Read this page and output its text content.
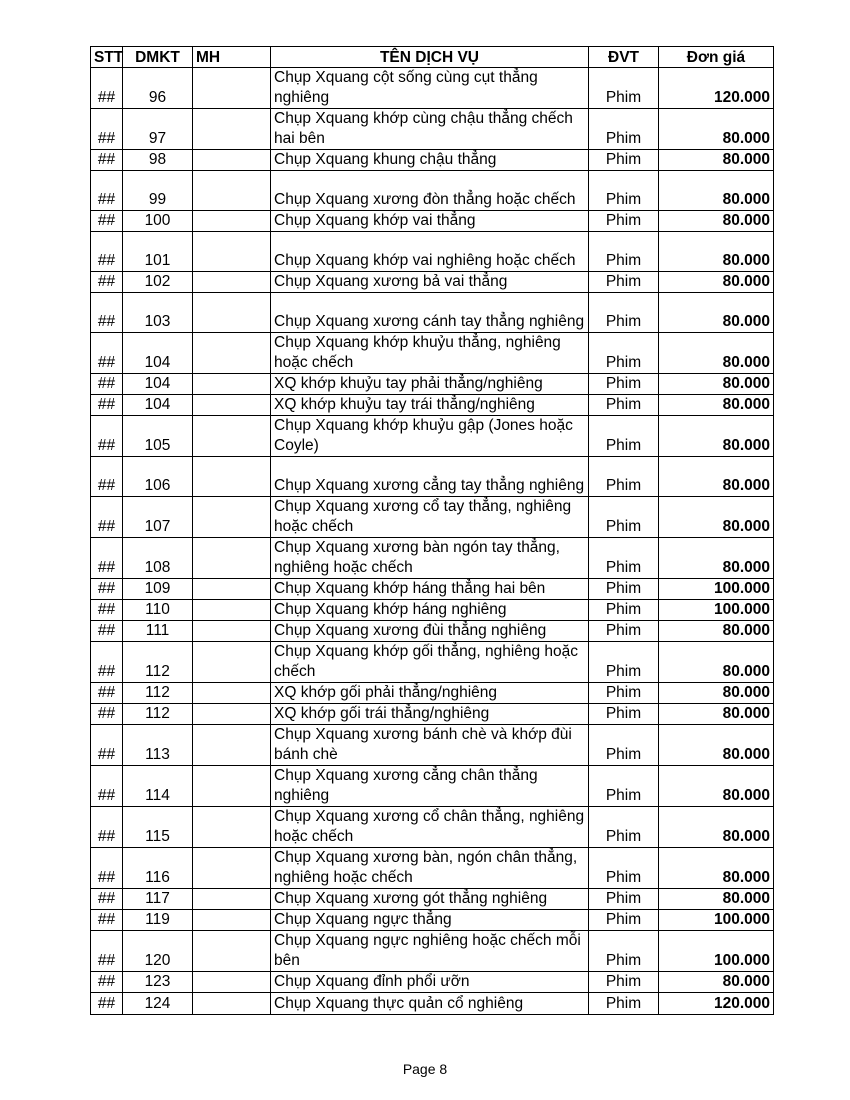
STT	DMKT	MH	TÊN DỊCH VỤ	ĐVT	Đơn giá
##	96		Chụp Xquang cột sống cùng cụt thẳng nghiêng	Phim	120.000
##	97		Chụp Xquang khớp cùng chậu thẳng chếch hai bên	Phim	80.000
##	98		Chụp Xquang khung chậu thẳng	Phim	80.000
##	99		Chụp Xquang xương đòn thẳng hoặc chếch	Phim	80.000
##	100		Chụp Xquang khớp vai thẳng	Phim	80.000
##	101		Chụp Xquang khớp vai nghiêng hoặc chếch	Phim	80.000
##	102		Chụp Xquang xương bả vai thẳng	Phim	80.000
##	103		Chụp Xquang xương cánh tay thẳng nghiêng	Phim	80.000
##	104		Chụp Xquang khớp khuỷu thẳng, nghiêng hoặc chếch	Phim	80.000
##	104		XQ khớp khuỷu tay phải thẳng/nghiêng	Phim	80.000
##	104		XQ khớp khuỷu tay trái thẳng/nghiêng	Phim	80.000
##	105		Chụp Xquang khớp khuỷu gập (Jones hoặc Coyle)	Phim	80.000
##	106		Chụp Xquang xương cẳng tay thẳng nghiêng	Phim	80.000
##	107		Chụp Xquang xương cổ tay thẳng, nghiêng hoặc chếch	Phim	80.000
##	108		Chụp Xquang xương bàn ngón tay thẳng, nghiêng hoặc chếch	Phim	80.000
##	109		Chụp Xquang khớp háng thẳng hai bên	Phim	100.000
##	110		Chụp Xquang khớp háng nghiêng	Phim	100.000
##	111		Chụp Xquang xương đùi thẳng nghiêng	Phim	80.000
##	112		Chụp Xquang khớp gối thẳng, nghiêng hoặc chếch	Phim	80.000
##	112		XQ khớp gối phải thẳng/nghiêng	Phim	80.000
##	112		XQ khớp gối trái thẳng/nghiêng	Phim	80.000
##	113		Chụp Xquang xương bánh chè và khớp đùi bánh chè	Phim	80.000
##	114		Chụp Xquang xương cẳng chân thẳng nghiêng	Phim	80.000
##	115		Chụp Xquang xương cổ chân thẳng, nghiêng hoặc chếch	Phim	80.000
##	116		Chụp Xquang xương bàn, ngón chân thẳng, nghiêng hoặc chếch	Phim	80.000
##	117		Chụp Xquang xương gót thẳng nghiêng	Phim	80.000
##	119		Chụp Xquang ngực thẳng	Phim	100.000
##	120		Chụp Xquang ngực nghiêng hoặc chếch mỗi bên	Phim	100.000
##	123		Chụp Xquang đỉnh phổi ưỡn	Phim	80.000
##	124		Chụp Xquang thực quản cổ nghiêng	Phim	120.000
Page 8
